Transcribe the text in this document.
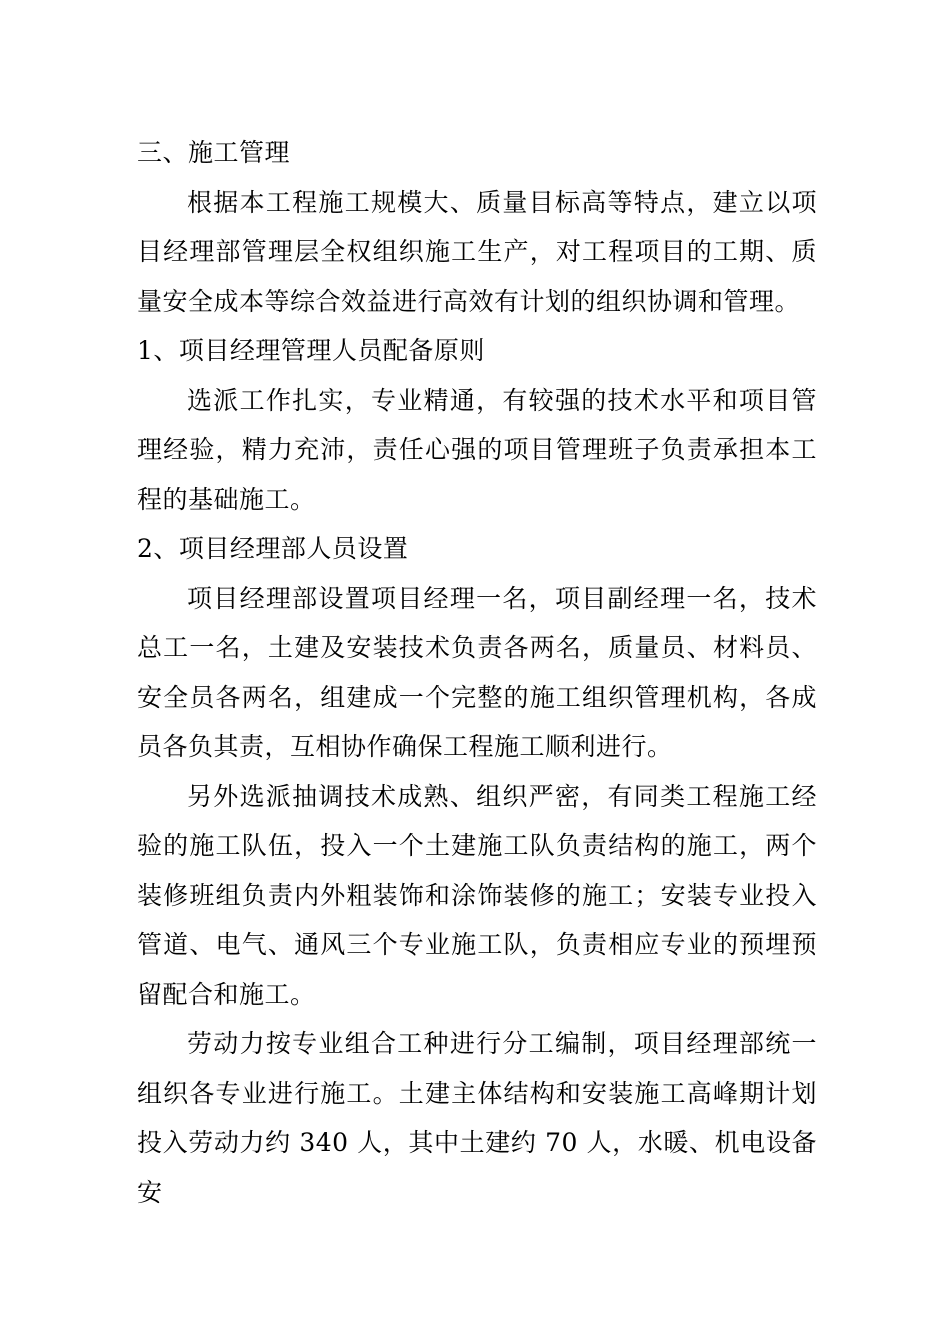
三、施工管理

根据本工程施工规模大、质量目标高等特点，建立以项目经理部管理层全权组织施工生产，对工程项目的工期、质量安全成本等综合效益进行高效有计划的组织协调和管理。

1、项目经理管理人员配备原则

选派工作扎实，专业精通，有较强的技术水平和项目管理经验，精力充沛，责任心强的项目管理班子负责承担本工程的基础施工。

2、项目经理部人员设置

项目经理部设置项目经理一名，项目副经理一名，技术总工一名，土建及安装技术负责各两名，质量员、材料员、安全员各两名，组建成一个完整的施工组织管理机构，各成员各负其责，互相协作确保工程施工顺利进行。

另外选派抽调技术成熟、组织严密，有同类工程施工经验的施工队伍，投入一个土建施工队负责结构的施工，两个装修班组负责内外粗装饰和涂饰装修的施工；安装专业投入管道、电气、通风三个专业施工队，负责相应专业的预埋预留配合和施工。

劳动力按专业组合工种进行分工编制，项目经理部统一组织各专业进行施工。土建主体结构和安装施工高峰期计划投入劳动力约 340 人，其中土建约 70 人，水暖、机电设备安
